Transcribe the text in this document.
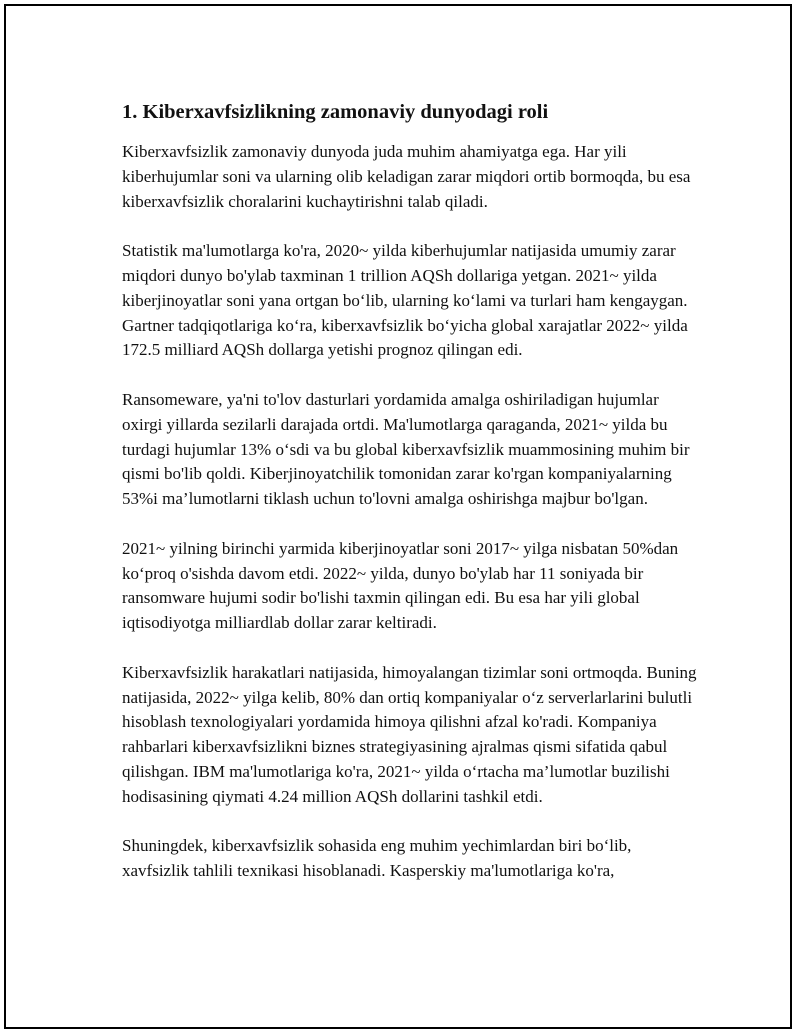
1. Kiberxavfsizlikning zamonaviy dunyodagi roli

Kiberxavfsizlik zamonaviy dunyoda juda muhim ahamiyatga ega. Har yili kiberhujumlar soni va ularning olib keladigan zarar miqdori ortib bormoqda, bu esa kiberxavfsizlik choralarini kuchaytirishni talab qiladi.

Statistik ma'lumotlarga ko'ra, 2020~ yilda kiberhujumlar natijasida umumiy zarar miqdori dunyo bo'ylab taxminan 1 trillion AQSh dollariga yetgan. 2021~ yilda kiberjinoyatlar soni yana ortgan bo‘lib, ularning ko‘lami va turlari ham kengaygan. Gartner tadqiqotlariga ko‘ra, kiberxavfsizlik bo‘yicha global xarajatlar 2022~ yilda 172.5 milliard AQSh dollarga yetishi prognoz qilingan edi.

Ransomeware, ya'ni to'lov dasturlari yordamida amalga oshiriladigan hujumlar oxirgi yillarda sezilarli darajada ortdi. Ma'lumotlarga qaraganda, 2021~ yilda bu turdagi hujumlar 13% o‘sdi va bu global kiberxavfsizlik muammosining muhim bir qismi bo'lib qoldi. Kiberjinoyatchilik tomonidan zarar ko'rgan kompaniyalarning 53%i ma’lumotlarni tiklash uchun to'lovni amalga oshirishga majbur bo'lgan.

2021~ yilning birinchi yarmida kiberjinoyatlar soni 2017~ yilga nisbatan 50%dan ko‘proq o'sishda davom etdi. 2022~ yilda, dunyo bo'ylab har 11 soniyada bir ransomware hujumi sodir bo'lishi taxmin qilingan edi. Bu esa har yili global iqtisodiyotga milliardlab dollar zarar keltiradi.

Kiberxavfsizlik harakatlari natijasida, himoyalangan tizimlar soni ortmoqda. Buning natijasida, 2022~ yilga kelib, 80% dan ortiq kompaniyalar o‘z serverlarlarini bulutli hisoblash texnologiyalari yordamida himoya qilishni afzal ko'radi. Kompaniya rahbarlari kiberxavfsizlikni biznes strategiyasining ajralmas qismi sifatida qabul qilishgan. IBM ma'lumotlariga ko'ra, 2021~ yilda o‘rtacha ma’lumotlar buzilishi hodisasining qiymati 4.24 million AQSh dollarini tashkil etdi.

Shuningdek, kiberxavfsizlik sohasida eng muhim yechimlardan biri bo‘lib, xavfsizlik tahlili texnikasi hisoblanadi. Kasperskiy ma'lumotlariga ko'ra,
